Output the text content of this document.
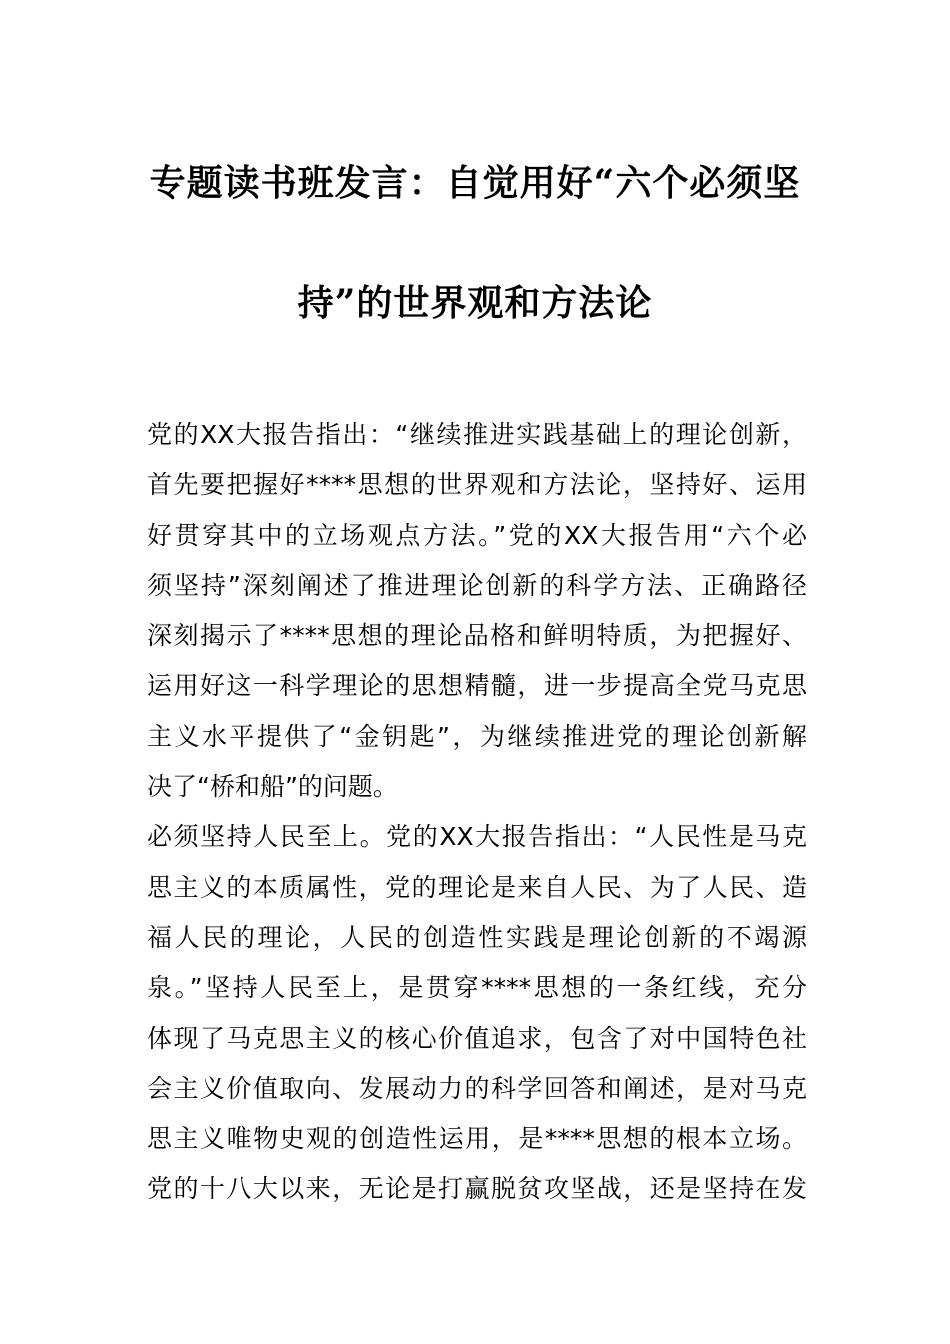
专题读书班发言：自觉用好“六个必须坚
持”的世界观和方法论
党的XX大报告指出：“继续推进实践基础上的理论创新，
首先要把握好****思想的世界观和方法论，坚持好、运用
好贯穿其中的立场观点方法。”党的XX大报告用“六个必
须坚持”深刻阐述了推进理论创新的科学方法、正确路径
深刻揭示了****思想的理论品格和鲜明特质，为把握好、
运用好这一科学理论的思想精髓，进一步提高全党马克思
主义水平提供了“金钥匙”，为继续推进党的理论创新解
决了“桥和船”的问题。
必须坚持人民至上。党的XX大报告指出：“人民性是马克
思主义的本质属性，党的理论是来自人民、为了人民、造
福人民的理论，人民的创造性实践是理论创新的不竭源
泉。”坚持人民至上，是贯穿****思想的一条红线，充分
体现了马克思主义的核心价值追求，包含了对中国特色社
会主义价值取向、发展动力的科学回答和阐述，是对马克
思主义唯物史观的创造性运用，是****思想的根本立场。
党的十八大以来，无论是打赢脱贫攻坚战，还是坚持在发
